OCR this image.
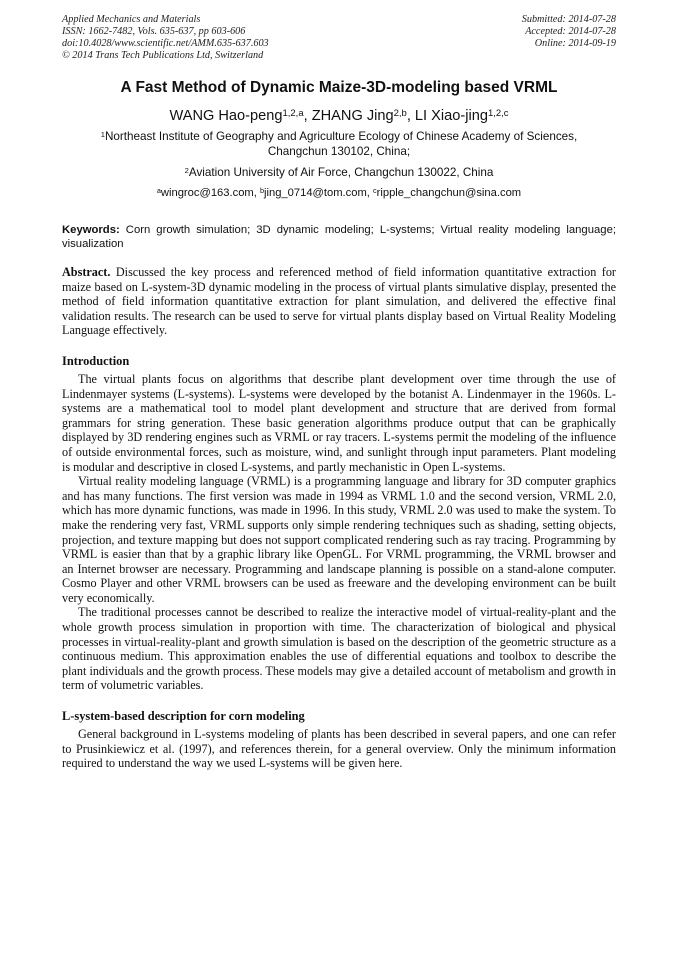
Applied Mechanics and Materials
ISSN: 1662-7482, Vols. 635-637, pp 603-606
doi:10.4028/www.scientific.net/AMM.635-637.603
© 2014 Trans Tech Publications Ltd, Switzerland
Submitted: 2014-07-28
Accepted: 2014-07-28
Online: 2014-09-19
A Fast Method of Dynamic Maize-3D-modeling based VRML
WANG Hao-peng$^{1,2,a}$, ZHANG Jing$^{2,b}$, LI Xiao-jing$^{1,2,c}$
$^1$Northeast Institute of Geography and Agriculture Ecology of Chinese Academy of Sciences,
Changchun 130102, China;
$^2$Aviation University of Air Force, Changchun 130022, China
$^a$wingroc@163.com, $^b$jing_0714@tom.com, $^c$ripple_changchun@sina.com
Keywords: Corn growth simulation; 3D dynamic modeling; L-systems; Virtual reality modeling language; visualization
Abstract. Discussed the key process and referenced method of field information quantitative extraction for maize based on L-system-3D dynamic modeling in the process of virtual plants simulative display, presented the method of field information quantitative extraction for plant simulation, and delivered the effective final validation results. The research can be used to serve for virtual plants display based on Virtual Reality Modeling Language effectively.
Introduction

The virtual plants focus on algorithms that describe plant development over time through the use of Lindenmayer systems (L-systems). L-systems were developed by the botanist A. Lindenmayer in the 1960s. L-systems are a mathematical tool to model plant development and structure that are derived from formal grammars for string generation. These basic generation algorithms produce output that can be graphically displayed by 3D rendering engines such as VRML or ray tracers. L-systems permit the modeling of the influence of outside environmental forces, such as moisture, wind, and sunlight through input parameters. Plant modeling is modular and descriptive in closed L-systems, and partly mechanistic in Open L-systems.

Virtual reality modeling language (VRML) is a programming language and library for 3D computer graphics and has many functions. The first version was made in 1994 as VRML 1.0 and the second version, VRML 2.0, which has more dynamic functions, was made in 1996. In this study, VRML 2.0 was used to make the system. To make the rendering very fast, VRML supports only simple rendering techniques such as shading, setting objects, projection, and texture mapping but does not support complicated rendering such as ray tracing. Programming by VRML is easier than that by a graphic library like OpenGL. For VRML programming, the VRML browser and an Internet browser are necessary. Programming and landscape planning is possible on a stand-alone computer. Cosmo Player and other VRML browsers can be used as freeware and the developing environment can be built very economically.

The traditional processes cannot be described to realize the interactive model of virtual-reality-plant and the whole growth process simulation in proportion with time. The characterization of biological and physical processes in virtual-reality-plant and growth simulation is based on the description of the geometric structure as a continuous medium. This approximation enables the use of differential equations and toolbox to describe the plant individuals and the growth process. These models may give a detailed account of metabolism and growth in term of volumetric variables.

L-system-based description for corn modeling

General background in L-systems modeling of plants has been described in several papers, and one can refer to Prusinkiewicz et al. (1997), and references therein, for a general overview. Only the minimum information required to understand the way we used L-systems will be given here.
